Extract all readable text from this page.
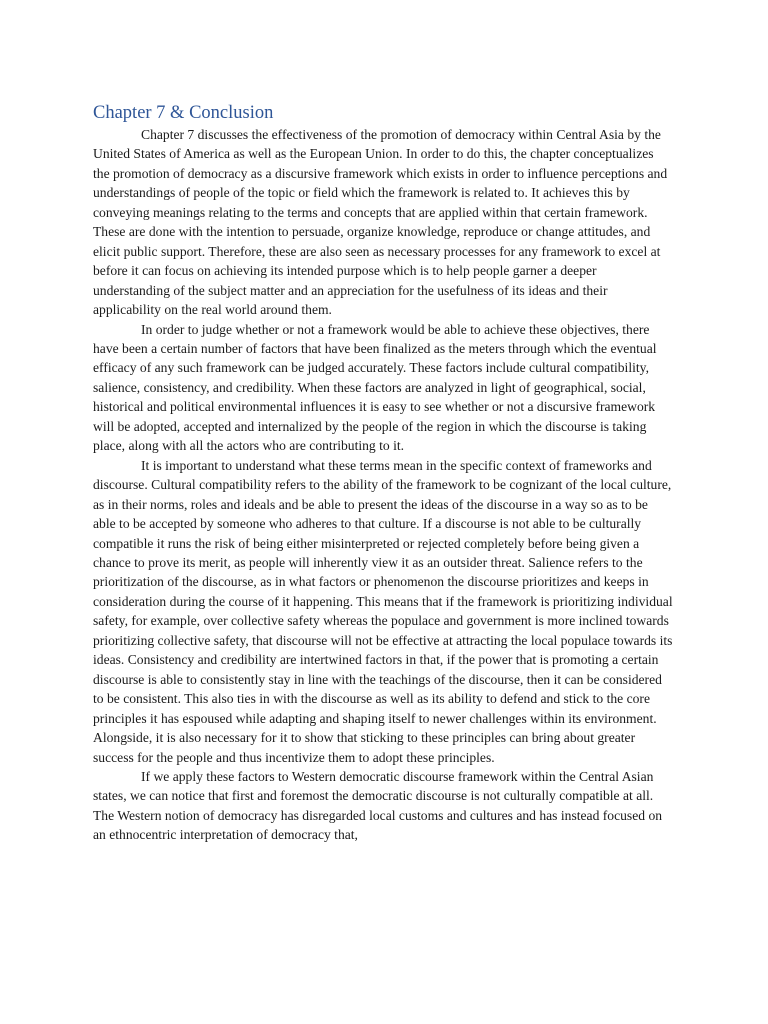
Chapter 7 & Conclusion

Chapter 7 discusses the effectiveness of the promotion of democracy within Central Asia by the United States of America as well as the European Union. In order to do this, the chapter conceptualizes the promotion of democracy as a discursive framework which exists in order to influence perceptions and understandings of people of the topic or field which the framework is related to. It achieves this by conveying meanings relating to the terms and concepts that are applied within that certain framework. These are done with the intention to persuade, organize knowledge, reproduce or change attitudes, and elicit public support. Therefore, these are also seen as necessary processes for any framework to excel at before it can focus on achieving its intended purpose which is to help people garner a deeper understanding of the subject matter and an appreciation for the usefulness of its ideas and their applicability on the real world around them.

In order to judge whether or not a framework would be able to achieve these objectives, there have been a certain number of factors that have been finalized as the meters through which the eventual efficacy of any such framework can be judged accurately. These factors include cultural compatibility, salience, consistency, and credibility. When these factors are analyzed in light of geographical, social, historical and political environmental influences it is easy to see whether or not a discursive framework will be adopted, accepted and internalized by the people of the region in which the discourse is taking place, along with all the actors who are contributing to it.

It is important to understand what these terms mean in the specific context of frameworks and discourse. Cultural compatibility refers to the ability of the framework to be cognizant of the local culture, as in their norms, roles and ideals and be able to present the ideas of the discourse in a way so as to be able to be accepted by someone who adheres to that culture. If a discourse is not able to be culturally compatible it runs the risk of being either misinterpreted or rejected completely before being given a chance to prove its merit, as people will inherently view it as an outsider threat. Salience refers to the prioritization of the discourse, as in what factors or phenomenon the discourse prioritizes and keeps in consideration during the course of it happening. This means that if the framework is prioritizing individual safety, for example, over collective safety whereas the populace and government is more inclined towards prioritizing collective safety, that discourse will not be effective at attracting the local populace towards its ideas. Consistency and credibility are intertwined factors in that, if the power that is promoting a certain discourse is able to consistently stay in line with the teachings of the discourse, then it can be considered to be consistent. This also ties in with the discourse as well as its ability to defend and stick to the core principles it has espoused while adapting and shaping itself to newer challenges within its environment. Alongside, it is also necessary for it to show that sticking to these principles can bring about greater success for the people and thus incentivize them to adopt these principles.

If we apply these factors to Western democratic discourse framework within the Central Asian states, we can notice that first and foremost the democratic discourse is not culturally compatible at all. The Western notion of democracy has disregarded local customs and cultures and has instead focused on an ethnocentric interpretation of democracy that,
